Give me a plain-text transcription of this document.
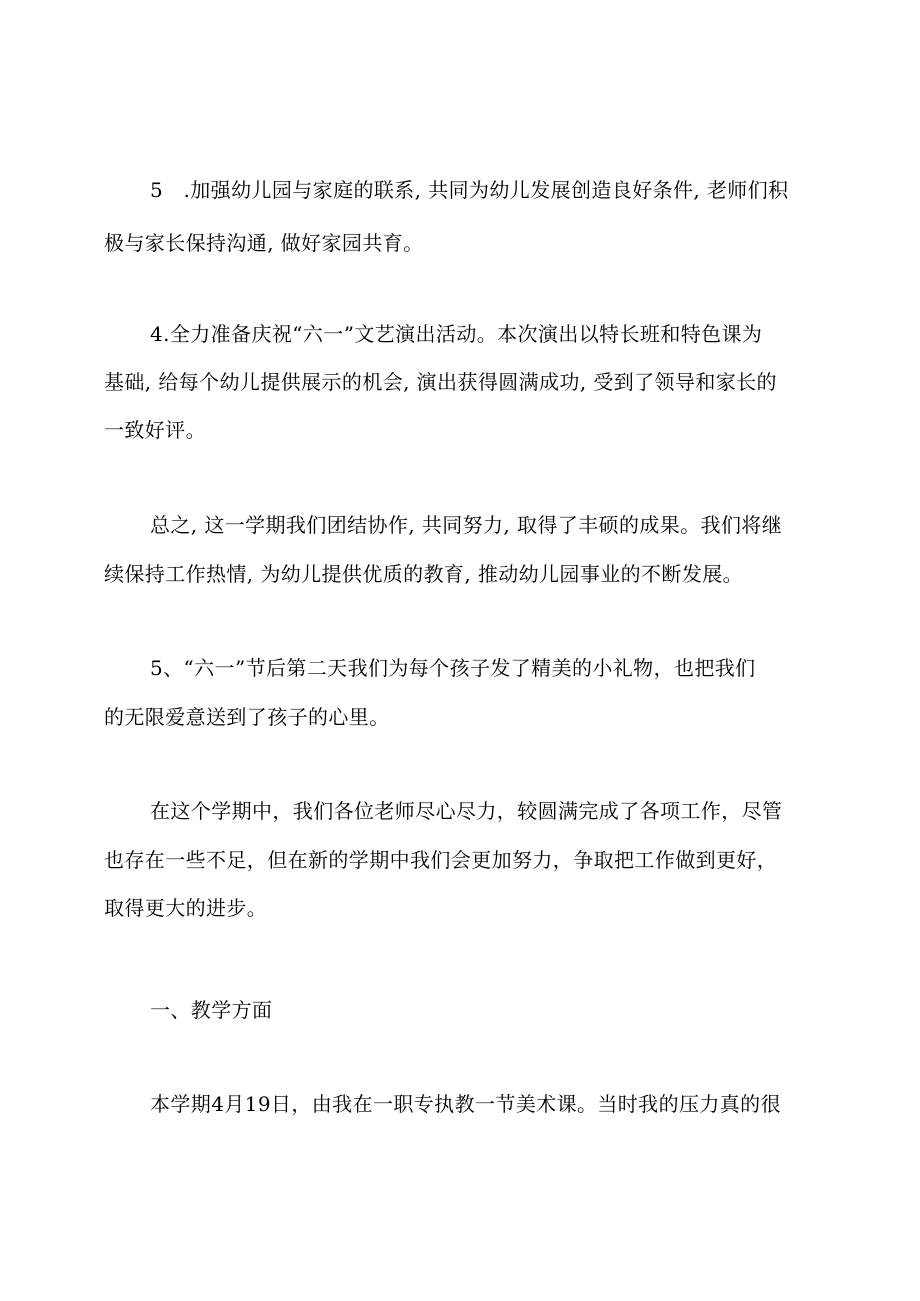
5　.加强幼儿园与家庭的联系, 共同为幼儿发展创造良好条件, 老师们积
极与家长保持沟通, 做好家园共育。
4.全力准备庆祝“六一”文艺演出活动。本次演出以特长班和特色课为
基础, 给每个幼儿提供展示的机会, 演出获得圆满成功, 受到了领导和家长的
一致好评。
总之, 这一学期我们团结协作, 共同努力, 取得了丰硕的成果。我们将继
续保持工作热情, 为幼儿提供优质的教育, 推动幼儿园事业的不断发展。
5、“六一”节后第二天我们为每个孩子发了精美的小礼物，也把我们
的无限爱意送到了孩子的心里。
在这个学期中，我们各位老师尽心尽力，较圆满完成了各项工作，尽管
也存在一些不足，但在新的学期中我们会更加努力，争取把工作做到更好，
取得更大的进步。
一、教学方面
本学期4月19日，由我在一职专执教一节美术课。当时我的压力真的很
